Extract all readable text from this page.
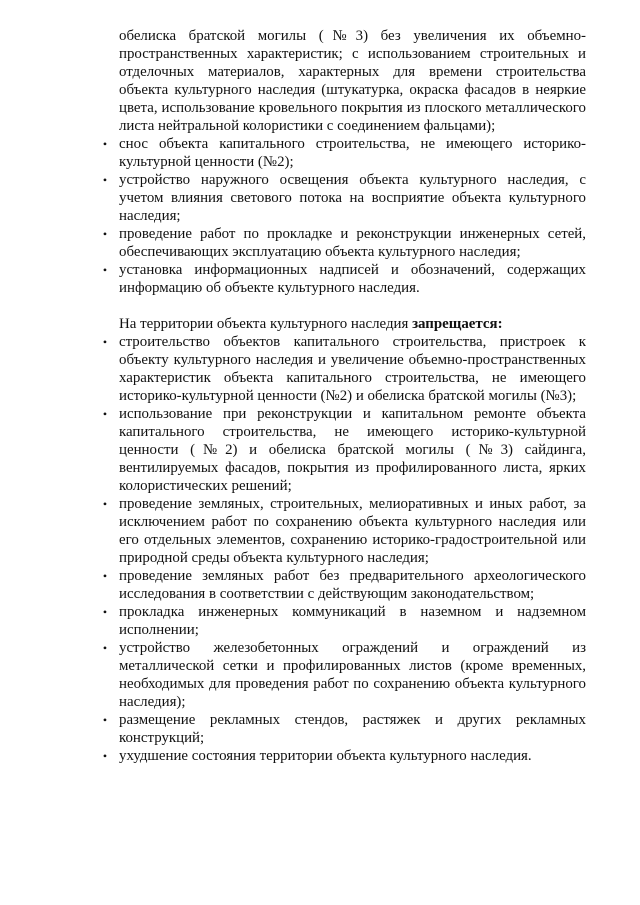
обелиска братской могилы (№3) без увеличения их объемно-пространственных характеристик; с использованием строительных и отделочных материалов, характерных для времени строительства объекта культурного наследия (штукатурка, окраска фасадов в неяркие цвета, использование кровельного покрытия из плоского металлического листа нейтральной колористики с соединением фальцами);

• снос объекта капитального строительства, не имеющего историко-культурной ценности (№2);
• устройство наружного освещения объекта культурного наследия, с учетом влияния светового потока на восприятие объекта культурного наследия;
• проведение работ по прокладке и реконструкции инженерных сетей, обеспечивающих эксплуатацию объекта культурного наследия;
• установка информационных надписей и обозначений, содержащих информацию об объекте культурного наследия.

На территории объекта культурного наследия запрещается:

• строительство объектов капитального строительства, пристроек к объекту культурного наследия и увеличение объемно-пространственных характеристик объекта капитального строительства, не имеющего историко-культурной ценности (№2) и обелиска братской могилы (№3);
• использование при реконструкции и капитальном ремонте объекта капитального строительства, не имеющего историко-культурной ценности (№2) и обелиска братской могилы (№3) сайдинга, вентилируемых фасадов, покрытия из профилированного листа, ярких колористических решений;
• проведение земляных, строительных, мелиоративных и иных работ, за исключением работ по сохранению объекта культурного наследия или его отдельных элементов, сохранению историко-градостроительной или природной среды объекта культурного наследия;
• проведение земляных работ без предварительного археологического исследования в соответствии с действующим законодательством;
• прокладка инженерных коммуникаций в наземном и надземном исполнении;
• устройство железобетонных ограждений и ограждений из металлической сетки и профилированных листов (кроме временных, необходимых для проведения работ по сохранению объекта культурного наследия);
• размещение рекламных стендов, растяжек и других рекламных конструкций;
• ухудшение состояния территории объекта культурного наследия.
